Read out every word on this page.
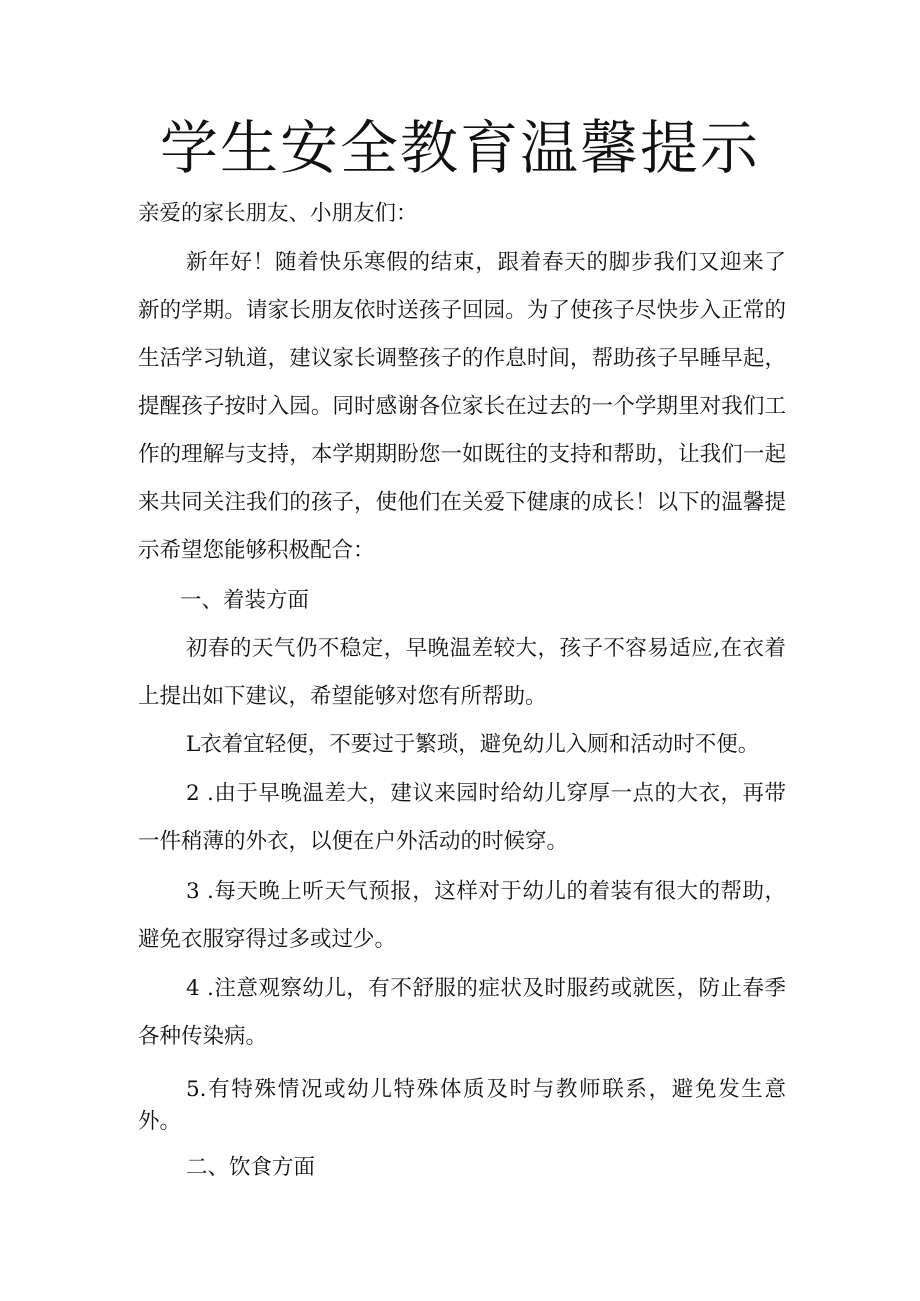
学生安全教育温馨提示

亲爱的家长朋友、小朋友们：

新年好！随着快乐寒假的结束，跟着春天的脚步我们又迎来了新的学期。请家长朋友依时送孩子回园。为了使孩子尽快步入正常的生活学习轨道，建议家长调整孩子的作息时间，帮助孩子早睡早起，提醒孩子按时入园。同时感谢各位家长在过去的一个学期里对我们工作的理解与支持，本学期期盼您一如既往的支持和帮助，让我们一起来共同关注我们的孩子，使他们在关爱下健康的成长！以下的温馨提示希望您能够积极配合：

一、着装方面

初春的天气仍不稳定，早晚温差较大，孩子不容易适应,在衣着上提出如下建议，希望能够对您有所帮助。

L衣着宜轻便，不要过于繁琐，避免幼儿入厕和活动时不便。

2 .由于早晚温差大，建议来园时给幼儿穿厚一点的大衣，再带一件稍薄的外衣，以便在户外活动的时候穿。

3 .每天晚上听天气预报，这样对于幼儿的着装有很大的帮助，避免衣服穿得过多或过少。

4 .注意观察幼儿，有不舒服的症状及时服药或就医，防止春季各种传染病。

5.有特殊情况或幼儿特殊体质及时与教师联系，避免发生意外。

二、饮食方面
